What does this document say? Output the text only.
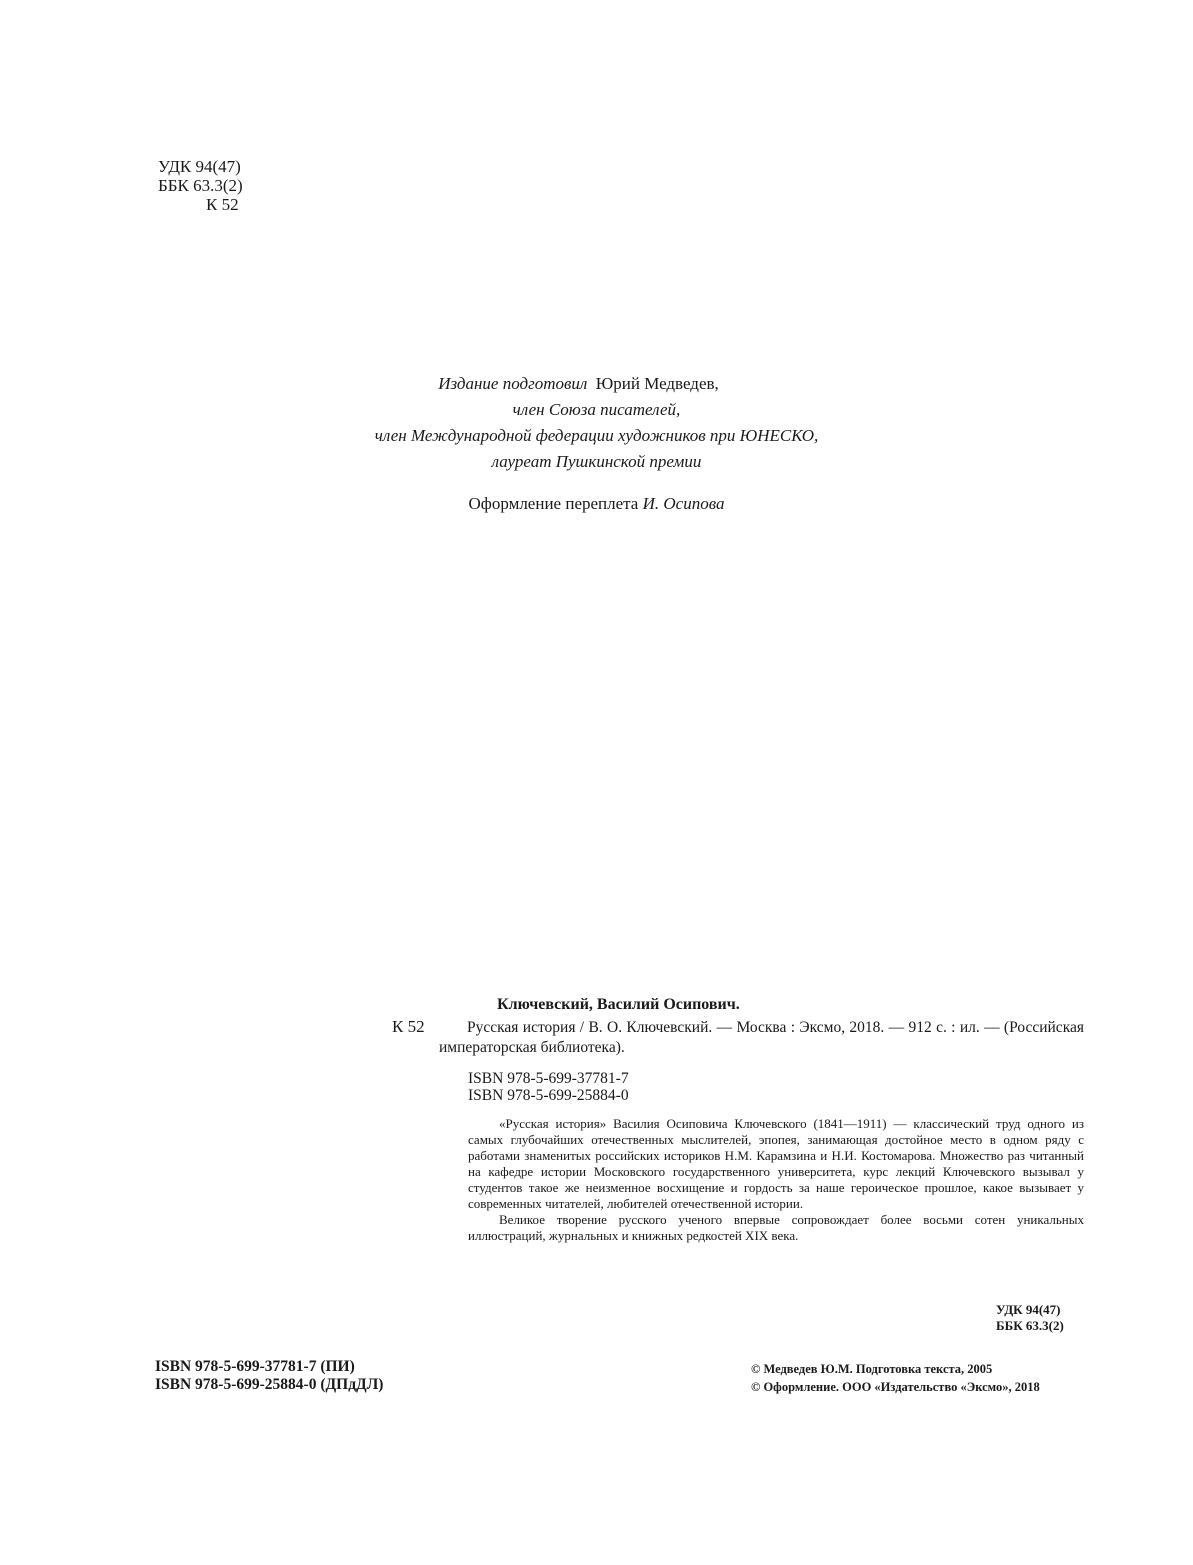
УДК 94(47)
ББК 63.3(2)
К 52
Издание подготовил Юрий Медведев,
член Союза писателей,
член Международной федерации художников при ЮНЕСКО,
лауреат Пушкинской премии
Оформление переплета И. Осипова
Ключевский, Василий Осипович.
К 52	Русская история / В. О. Ключевский. — Москва : Эксмо, 2018. — 912 с. : ил. — (Российская императорская библиотека).
ISBN 978-5-699-37781-7
ISBN 978-5-699-25884-0

«Русская история» Василия Осиповича Ключевского (1841—1911) — классический труд одного из самых глубочайших отечественных мыслителей, эпопея, занимающая достойное место в одном ряду с работами знаменитых российских историков Н.М. Карамзина и Н.И. Костомарова. Множество раз читанный на кафедре истории Московского государственного университета, курс лекций Ключевского вызывал у студентов такое же неизменное восхищение и гордость за наше героическое прошлое, какое вызывает у современных читателей, любителей отечественной истории.

Великое творение русского ученого впервые сопровождает более восьми сотен уникальных иллюстраций, журнальных и книжных редкостей XIX века.

УДК 94(47)
ББК 63.3(2)
ISBN 978-5-699-37781-7 (ПИ)
ISBN 978-5-699-25884-0 (ДПдДЛ)
© Медведев Ю.М. Подготовка текста, 2005
© Оформление. ООО «Издательство «Эксмо», 2018
